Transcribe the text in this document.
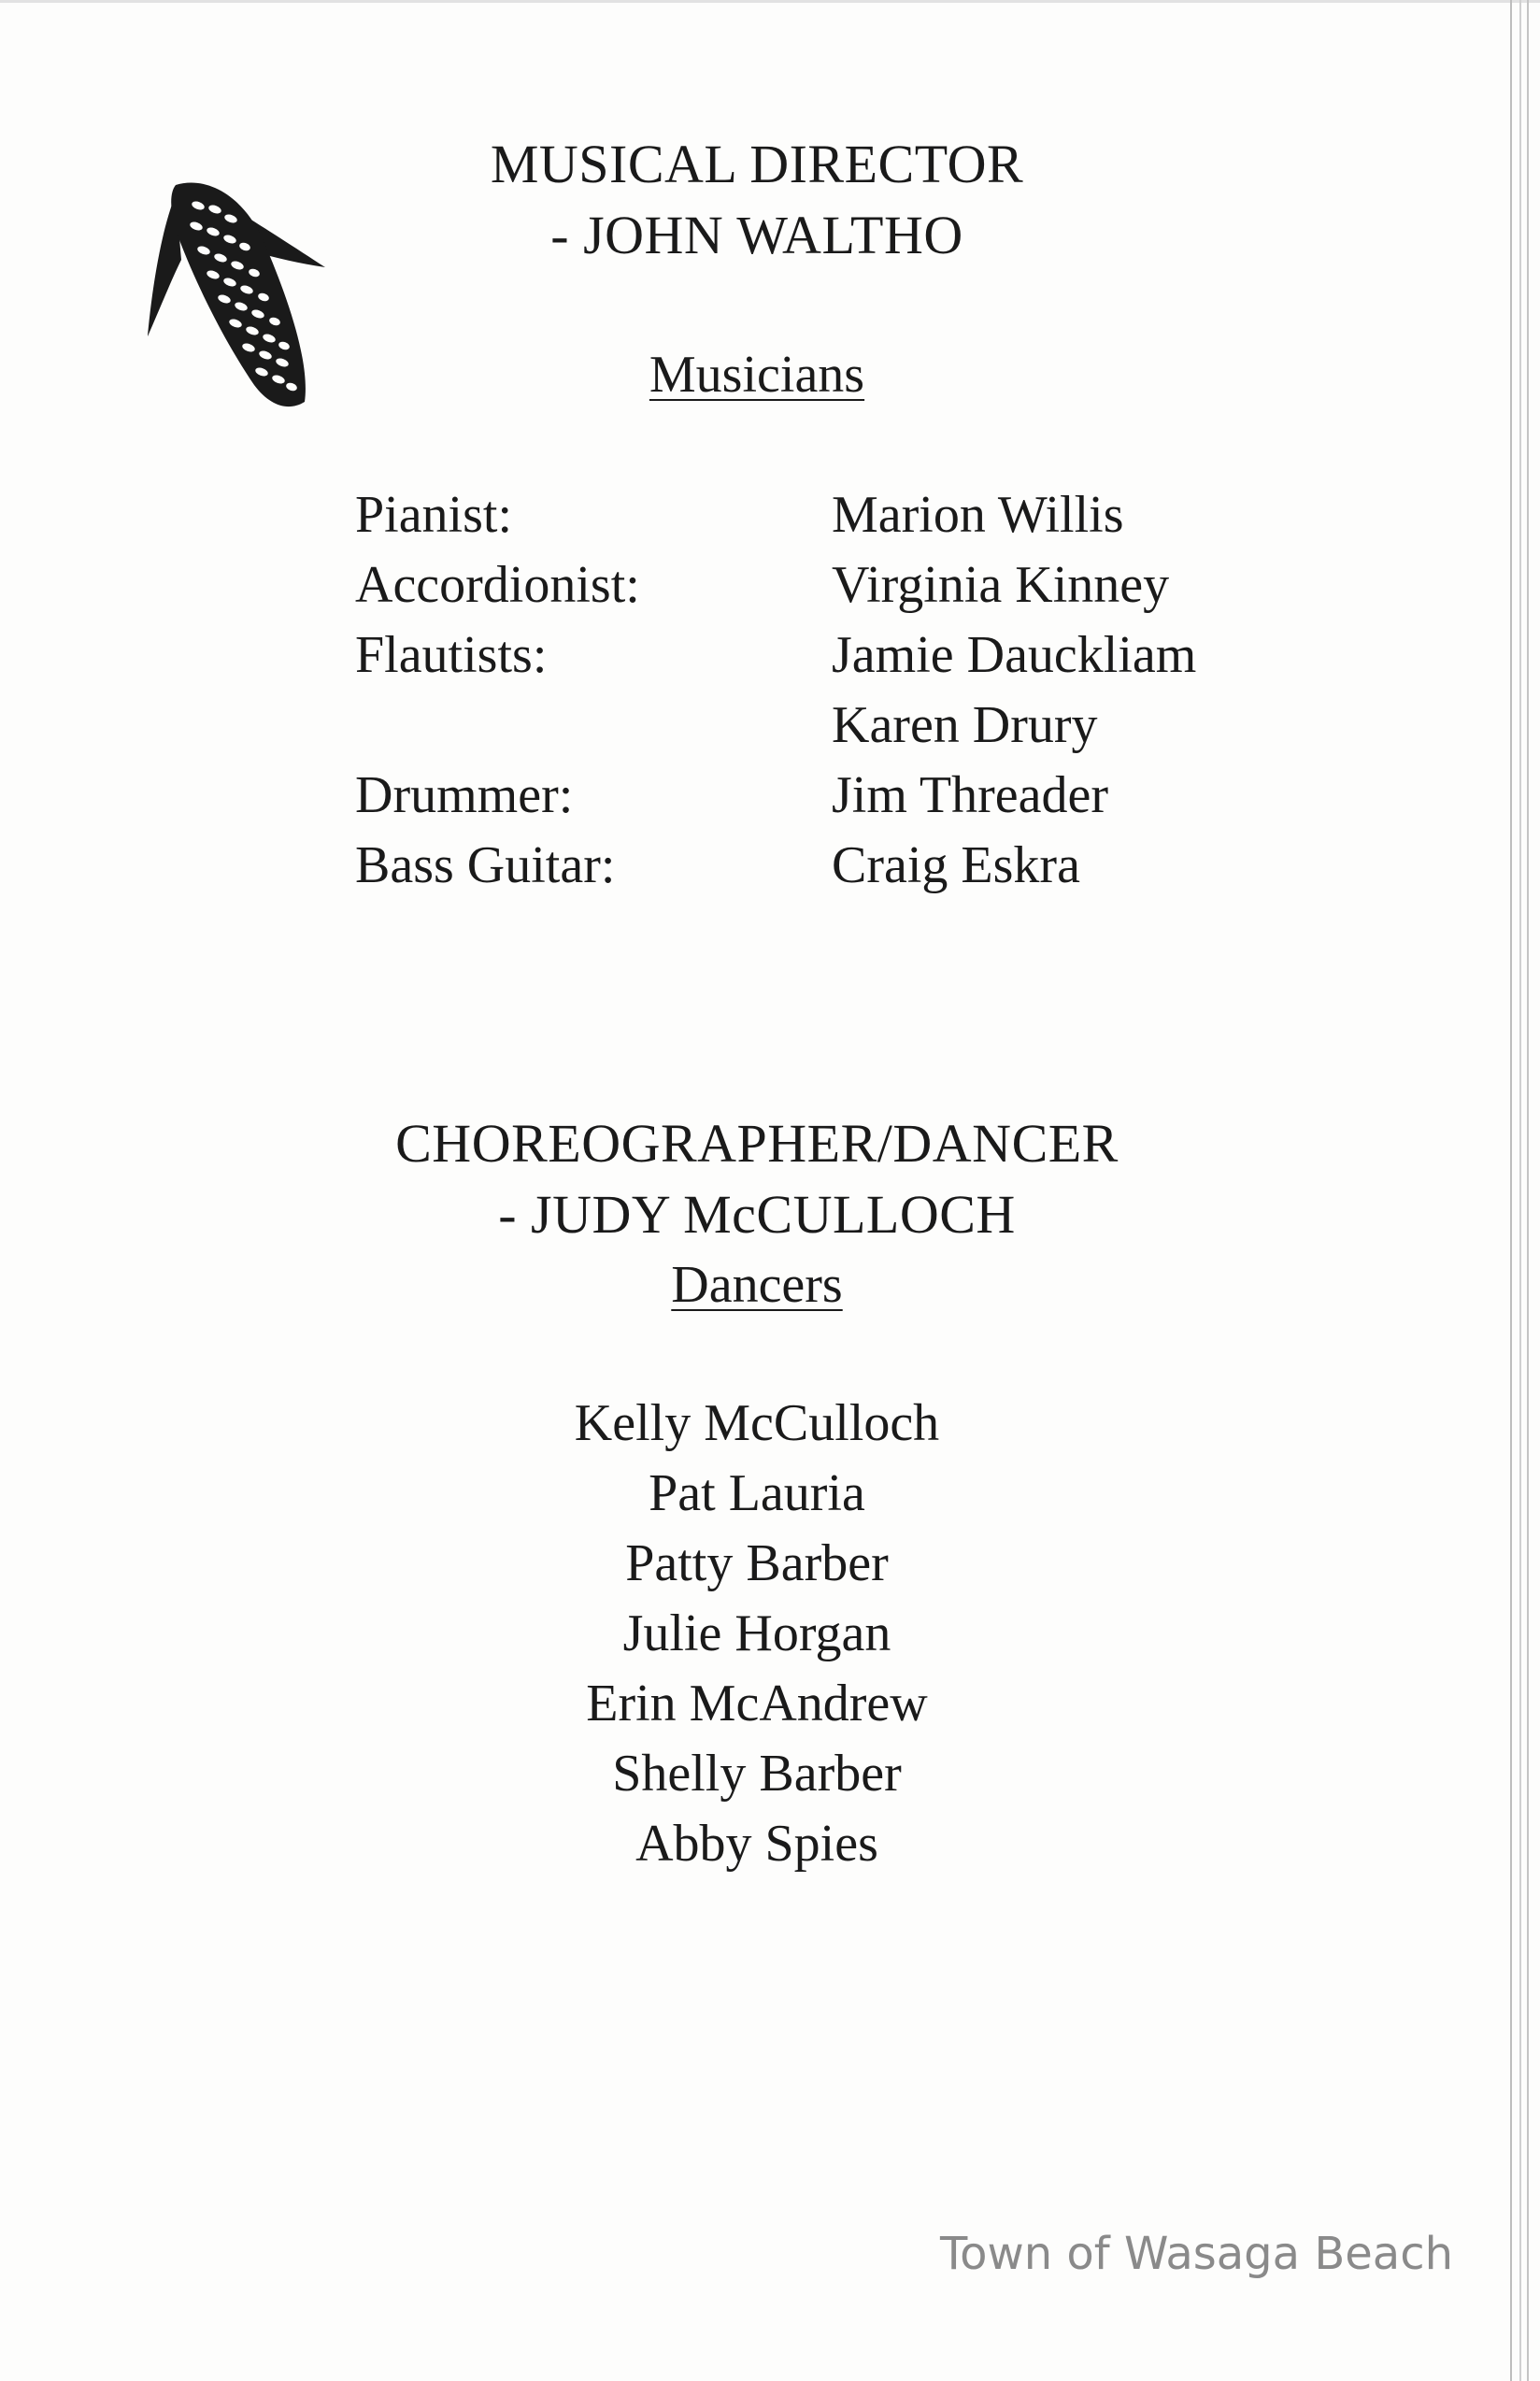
MUSICAL DIRECTOR
- JOHN WALTHO
Musicians
Pianist:	Marion Willis
Accordionist:	Virginia Kinney
Flautists:	Jamie Dauckliam
Karen Drury
Drummer:	Jim Threader
Bass Guitar:	Craig Eskra
CHOREOGRAPHER/DANCER
- JUDY McCULLOCH
Dancers
Kelly McCulloch
Pat Lauria
Patty Barber
Julie Horgan
Erin McAndrew
Shelly Barber
Abby Spies
Town of Wasaga Beach
